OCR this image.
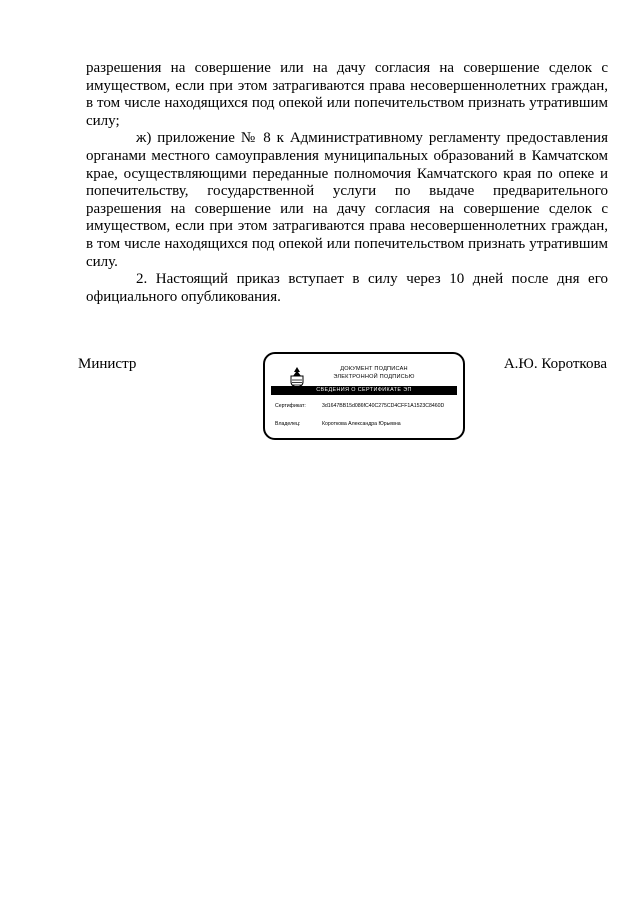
разрешения на совершение или на дачу согласия на совершение сделок с имуществом, если при этом затрагиваются права несовершеннолетних граждан, в том числе находящихся под опекой или попечительством признать утратившим силу;

ж) приложение № 8 к Административному регламенту предоставления органами местного самоуправления муниципальных образований в Камчатском крае, осуществляющими переданные полномочия Камчатского края по опеке и попечительству, государственной услуги по выдаче предварительного разрешения на совершение или на дачу согласия на совершение сделок с имуществом, если при этом затрагиваются права несовершеннолетних граждан, в том числе находящихся под опекой или попечительством признать утратившим силу.

2. Настоящий приказ вступает в силу через 10 дней после дня его официального опубликования.

Министр	А.Ю. Короткова
ДОКУМЕНТ ПОДПИСАН
ЭЛЕКТРОННОЙ ПОДПИСЬЮ
СВЕДЕНИЯ О СЕРТИФИКАТЕ ЭП
Сертификат:	3d1647BB15d086fC40C275CD4CFF1A1523C8460D
Владелец:	Короткова Александра Юрьевна
